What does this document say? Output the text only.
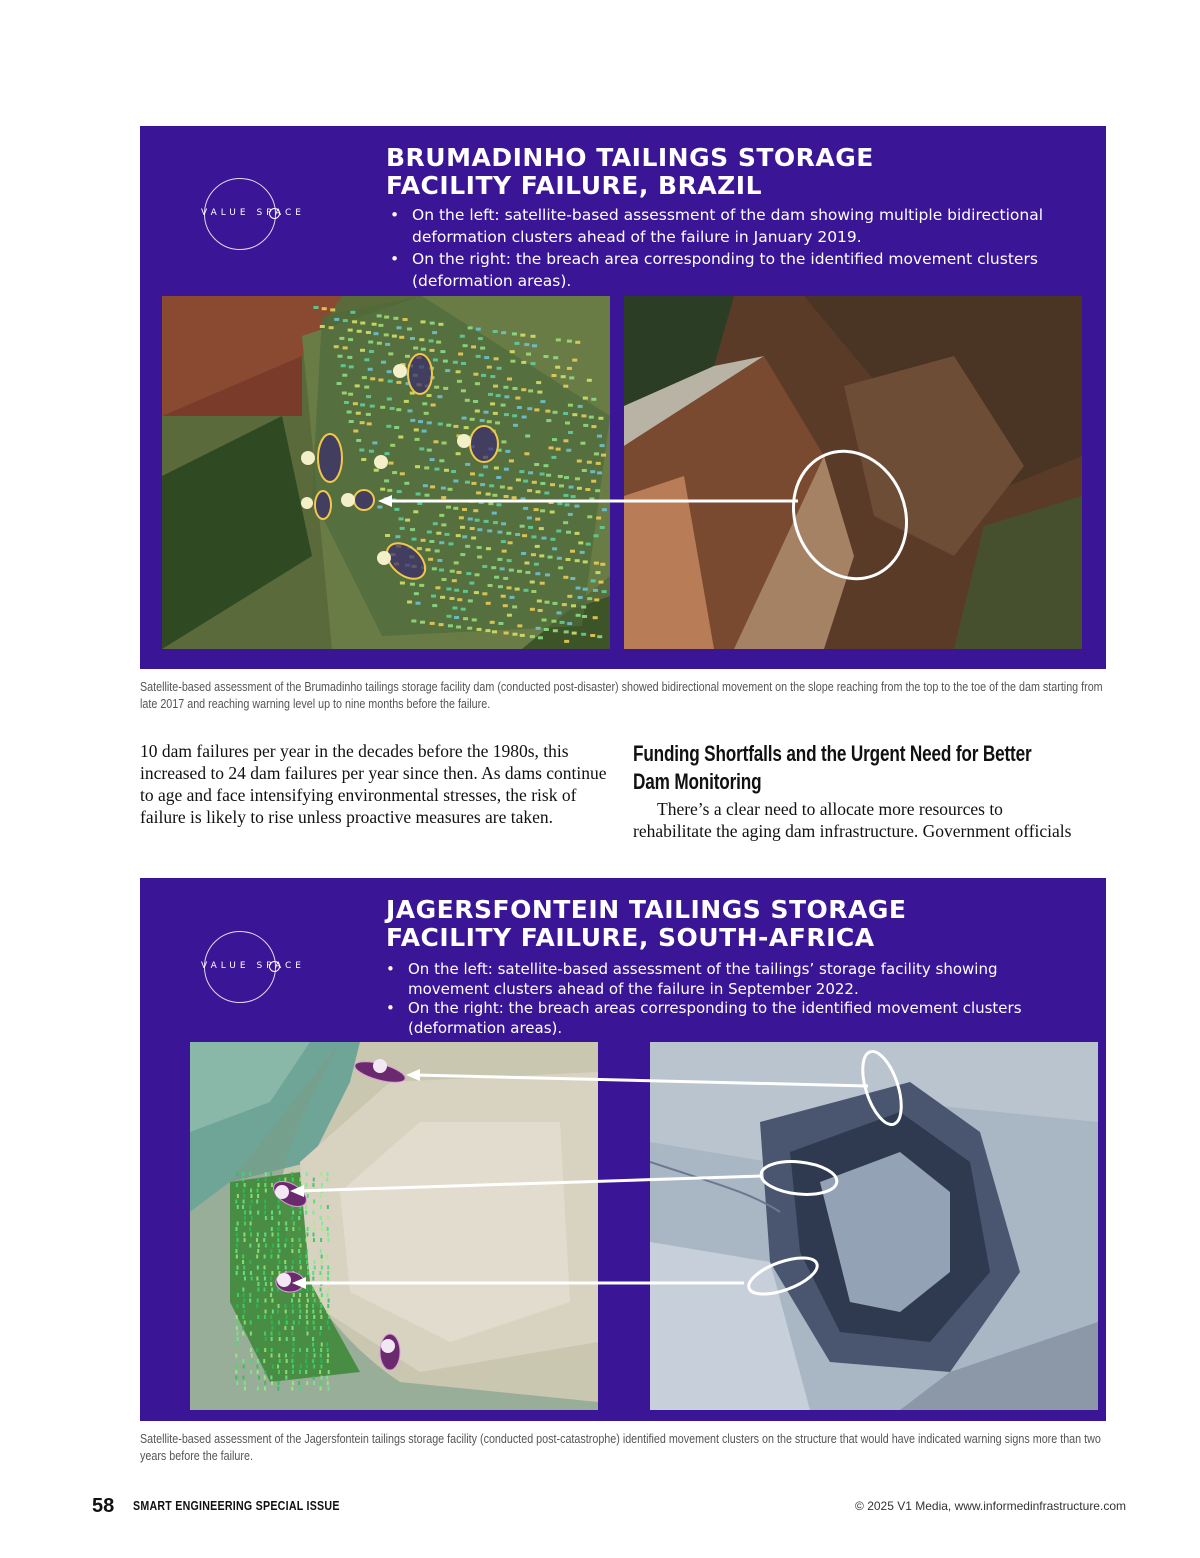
VALUE SPACE
BRUMADINHO TAILINGS STORAGE
FACILITY FAILURE, BRAZIL
• On the left: satellite-based assessment of the dam showing multiple bidirectional deformation clusters ahead of the failure in January 2019.
• On the right: the breach area corresponding to the identified movement clusters (deformation areas).
Satellite-based assessment of the Brumadinho tailings storage facility dam (conducted post-disaster) showed bidirectional movement on the slope reaching from the top to the toe of the dam starting from late 2017 and reaching warning level up to nine months before the failure.
10 dam failures per year in the decades before the 1980s, this increased to 24 dam failures per year since then. As dams continue to age and face intensifying environmental stresses, the risk of failure is likely to rise unless proactive measures are taken.
Funding Shortfalls and the Urgent Need for Better Dam Monitoring
There’s a clear need to allocate more resources to rehabilitate the aging dam infrastructure. Government officials
VALUE SPACE
JAGERSFONTEIN TAILINGS STORAGE
FACILITY FAILURE, SOUTH-AFRICA
• On the left: satellite-based assessment of the tailings’ storage facility showing movement clusters ahead of the failure in September 2022.
• On the right: the breach areas corresponding to the identified movement clusters (deformation areas).
Satellite-based assessment of the Jagersfontein tailings storage facility (conducted post-catastrophe) identified movement clusters on the structure that would have indicated warning signs more than two years before the failure.
58 SMART ENGINEERING SPECIAL ISSUE	© 2025 V1 Media, www.informedinfrastructure.com
